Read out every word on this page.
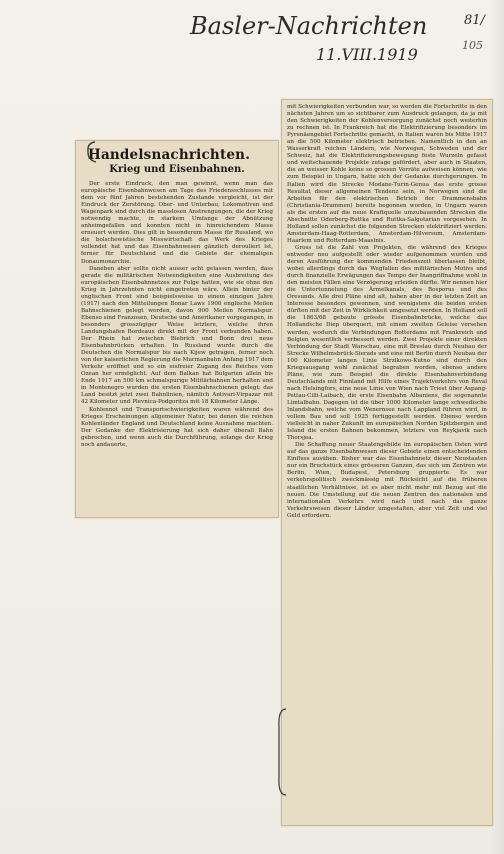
Basler-Nachrichten
11.VIII.1919
81/
105
Handelsnachrichten.
Krieg und Eisenbahnen.

Der erste Eindruck, den man gewinnt, wenn man das europäische Eisenbahnwesen am Tage des Friedensschlusses mit dem vor fünf Jahren bestehenden Zustande vergleicht, ist der Eindruck der Zerstörung. Ober- und Unterbau, Lokomotiven und Wagenpark sind durch die masslosen Anstrengungen, die der Krieg notwendig machte, in starkem Umfange der Abnützung anheimgefallen und konnten nicht in hinreichendem Masse erneuert werden. Dies gilt in besonderem Masse für Russland, wo die bolschewistische Misswirtschaft das Werk des Krieges vollendet hat und das Eisenbahnwesen gänzlich derouliert ist, ferner für Deutschland und die Gebiete der ehemaligen Donaumonarchie.

Daneben aber sollte nicht ausser acht gelassen werden, dass gerade die militärischen Notwendigkeiten eine Ausbreitung des europäischen Eisenbahnnetzes zur Folge hatten, wie sie ohne den Krieg in Jahrzehnten nicht eingetreten wäre. Allein hinter der englischen Front sind beispielsweise in einem einzigen Jahre (1917) nach den Mitteilungen Bonar Laws 1900 englische Meilen Bahnschienen gelegt worden, davon 900 Meilen Normalspur. Ebenso sind Franzosen, Deutsche und Amerikaner vorgegangen, in besonders grosszügiger Weise letztere, welche ihren Landungshafen Bordeaux direkt mit der Front verbunden haben. Der Rhein hat zwischen Biebrich und Bonn drei neue Eisenbahnbrücken erhalten. In Russland wurde durch die Deutschen die Normalspur bis nach Kijew getragen, ferner noch von der kaiserlichen Regierung die Murmanbahn Anfang 1917 dem Verkehr eröffnet und so ein eisfreier Zugang des Reiches vom Ozean her ermöglicht. Auf dem Balkan hat Bulgarien allein bis Ende 1917 an 500 km schmalspurige Militärbahnen herhalten und in Montenegro wurden die ersten Eisenbahnschienen gelegt; das Land besitzt jetzt zwei Bahnlinien, nämlich Antivari-Virpazar mit 42 Kilometer und Plevnica-Podgoritza mit 18 Kilometer Länge.

Kohlennot und Transportschwierigkeiten waren während des Krieges Erscheinungen allgemeiner Natur, bei denen die reichen Kohlenländer England und Deutschland keine Ausnahme machten. Der Gedanke der Elektrisierung hat sich daher überall Bahn gebrochen, und wenn auch die Durchführung, solange der Krieg noch andauerte,

mit Schwierigkeiten verbunden war, so werden die Fortschritte in den nächsten Jahren um so sichtbarer zum Ausdruck gelangen, da ja mit den Schwierigkeiten der Kohlenversorgung zunächst noch weiterhin zu rechnen ist. In Frankreich hat die Elektrifizierung besonders im Pyrenäengebiet Fortschritte gemacht, in Italien waren bis Mitte 1917 an die 500 Kilometer elektrisch betrieben. Namentlich in den an Wasserkraft reichen Ländern, wie Norwegen, Schweden und der Schweiz, hat die Elektrifizierungsbewegung feste Wurzeln gefasst und weitschauende Projekte zutage gefördert, aber auch in Staaten, die an weisser Kohle keine so grossen Vorräte aufweisen können, wie zum Beispiel in Ungarn, hatte sich der Gedanke durchgerungen. In Italien wird die Strecke Modane-Turin-Genua das erste grosse Resultat dieser allgemeinen Tendenz sein, in Norwegen sind die Arbeiten für den elektrischen Betrieb der Drammensbahn (Christiania-Drammen) bereits begonnen worden, in Ungarn waren als die ersten auf die neue Kraftquelle umzubauenden Strecken die Abschnitte Oderberg-Ruttka und Ruttka-Salgotarian vorgesehen. In Holland sollen zunächst die folgenden Strecken elektrifiziert werden: Amsterdam-Haag-Rotterdam, Amsterdam-Hilversum, Amsterdam-Haarlem und Rotterdam-Maaslnis.

Gross ist die Zahl von Projekten, die während des Krieges entweder neu aufgestellt oder wieder aufgenommen wurden und deren Ausführung der kommenden Friedenszeit überlassen bleibt, wobei allerdings durch das Wegfallen des militärischen Motivs und durch finanzielle Erwägungen das Tempo der Inangriffnahme wohl in den meisten Fällen eine Verzögerung erleiden dürfte. Wir nennen hier die Untertunnelung des Ärmelkanals, des Bosporus und des Oresunds. Alle drei Pläne sind alt, haben aber in der letzten Zeit an Interesse besonders gewonnen, und wenigstens die beiden ersten dürften mit der Zeit in Wirklichkeit umgesetzt werden. In Holland soll die 1863/68 gebaute grösste Eisenbahnbrücke, welche das Hollandsche Diep überquert, mit einem zweiten Geleise versehen werden, wodurch die Verbindungen Rotterdams mit Frankreich und Belgien wesentlich verbessert werden. Zwei Projekte einer direkten Verbindung der Stadt Warschau, eine mit Breslau durch Neubau der Strecke Wilhelmsbrück-Sierads und eine mit Berlin durch Neubau der 100 Kilometer langen Linie Strzlkowo-Kutno sind durch den Kriegsausgang wohl zunächst begraben worden, ebenso andere Pläne, wie zum Beispiel die direkte Eisenbahnverbindung Deutschlands mit Finnland mit Hilfe eines Trajektverkehrs von Reval nach Helsingfors, eine neue Linie von Wien nach Triest über Aspang-Pettau-Cilli-Laibach, die erste Eisenbahn Albaniens, die sogenannte Limtalbahn. Dagegen ist die über 1000 Kilometer lange schwedische Inlandsbahn, welche vom Wenernsee nach Lappland führen wird, in vollem Bau und soll 1925 fertiggestellt werden. Ebenso werden vielleicht in naher Zukunft im europäischen Norden Spitzbergen und Island die ersten Bahnen bekommen, letztere von Reykjavik nach Thorsjea.

Die Schaffung neuer Staatengebilde im europäischen Osten wird auf das ganze Eisenbahnwesen dieser Gebiete einen entscheidenden Einfluss ausüben. Bisher war das Eisenbahnnetz dieser Neustaaten nur ein Bruchstück eines grösseren Ganzen, das sich um Zentren wie Berlin, Wien, Budapest, Petersburg gruppierte. Es war verkehrspolitisch zweckmässig mit Rücksicht auf die früheren staatlichen Verhältnisse, ist es aber nicht mehr mit Bezug auf die neuen. Die Umstellung auf die neuen Zentren des nationalen und internationalen Verkehrs wird nach und nach das ganze Verkehrswesen dieser Länder umgestalten, aber viel Zeit und viel Geld erfordern.
